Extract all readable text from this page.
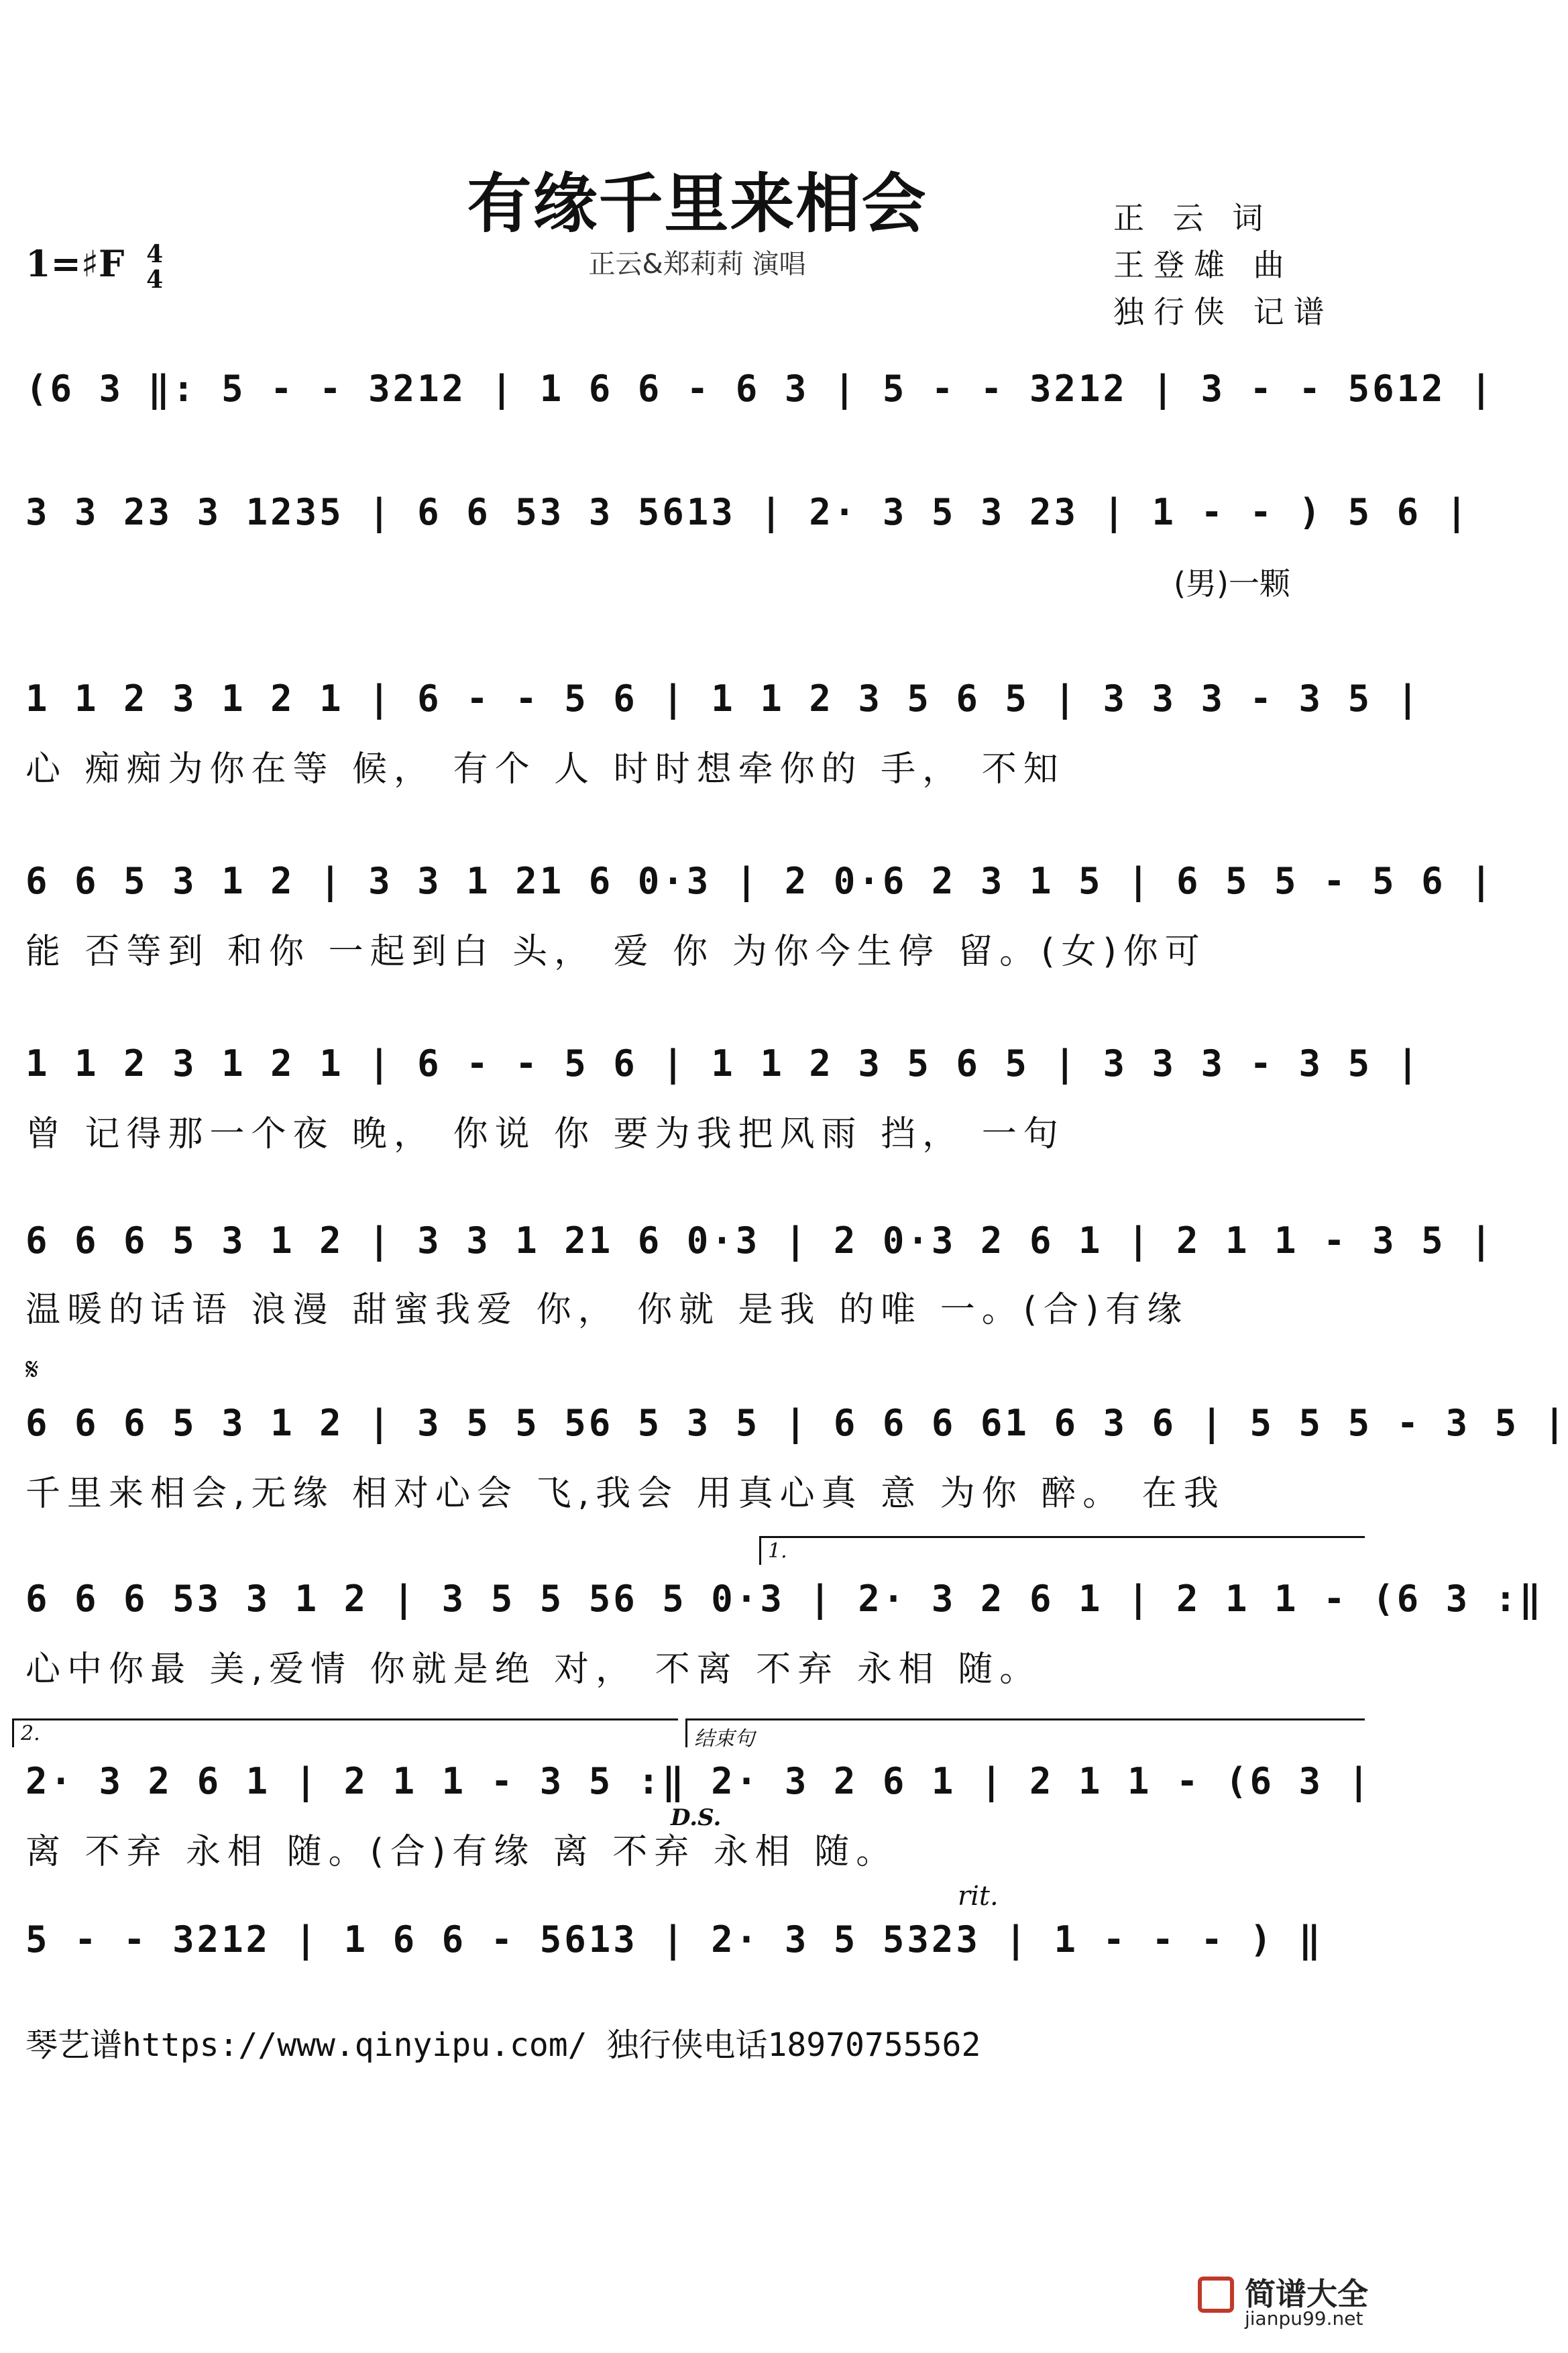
有缘千里来相会
正云&郑莉莉 演唱
1=♯F 4
4
正 云 词
王登雄 曲
独行侠 记谱
(6 3 ‖: 5 - - 3212 | 1 6 6 - 6 3 | 5 - - 3212 | 3 - - 5612 |
3 3 23 3 1235 | 6 6 53 3 5613 | 2· 3 5 3 23 | 1 - - ) 5 6 |
(男)一颗
1 1 2 3 1 2 1 | 6 - - 5 6 | 1 1 2 3 5 6 5 | 3 3 3 - 3 5 |
心 痴痴为你在等 候， 有个 人 时时想牵你的 手， 不知
6 6 5 3 1 2 | 3 3 1 21 6 0·3 | 2 0·6 2 3 1 5 | 6 5 5 - 5 6 |
能 否等到 和你 一起到白 头， 爱 你 为你今生停 留。(女)你可
1 1 2 3 1 2 1 | 6 - - 5 6 | 1 1 2 3 5 6 5 | 3 3 3 - 3 5 |
曾 记得那一个夜 晚， 你说 你 要为我把风雨 挡， 一句
6 6 6 5 3 1 2 | 3 3 1 21 6 0·3 | 2 0·3 2 6 1 | 2 1 1 - 3 5 |
温暖的话语 浪漫 甜蜜我爱 你， 你就 是我 的唯 一。(合)有缘
𝄋
6 6 6 5 3 1 2 | 3 5 5 56 5 3 5 | 6 6 6 61 6 3 6 | 5 5 5 - 3 5 |
千里来相会,无缘 相对心会 飞,我会 用真心真 意 为你 醉。 在我
1.
6 6 6 53 3 1 2 | 3 5 5 56 5 0·3 | 2· 3 2 6 1 | 2 1 1 - (6 3 :‖
心中你最 美,爱情 你就是绝 对， 不离 不弃 永相 随。
2.	结束句
2· 3 2 6 1 | 2 1 1 - 3 5 :‖ 2· 3 2 6 1 | 2 1 1 - (6 3 |
离 不弃 永相 随。(合)有缘 离 不弃 永相 随。
D.S.
rit.
5 - - 3212 | 1 6 6 - 5613 | 2· 3 5 5323 | 1 - - - ) ‖
琴艺谱https://www.qinyipu.com/ 独行侠电话18970755562
简谱大全
jianpu99.net
